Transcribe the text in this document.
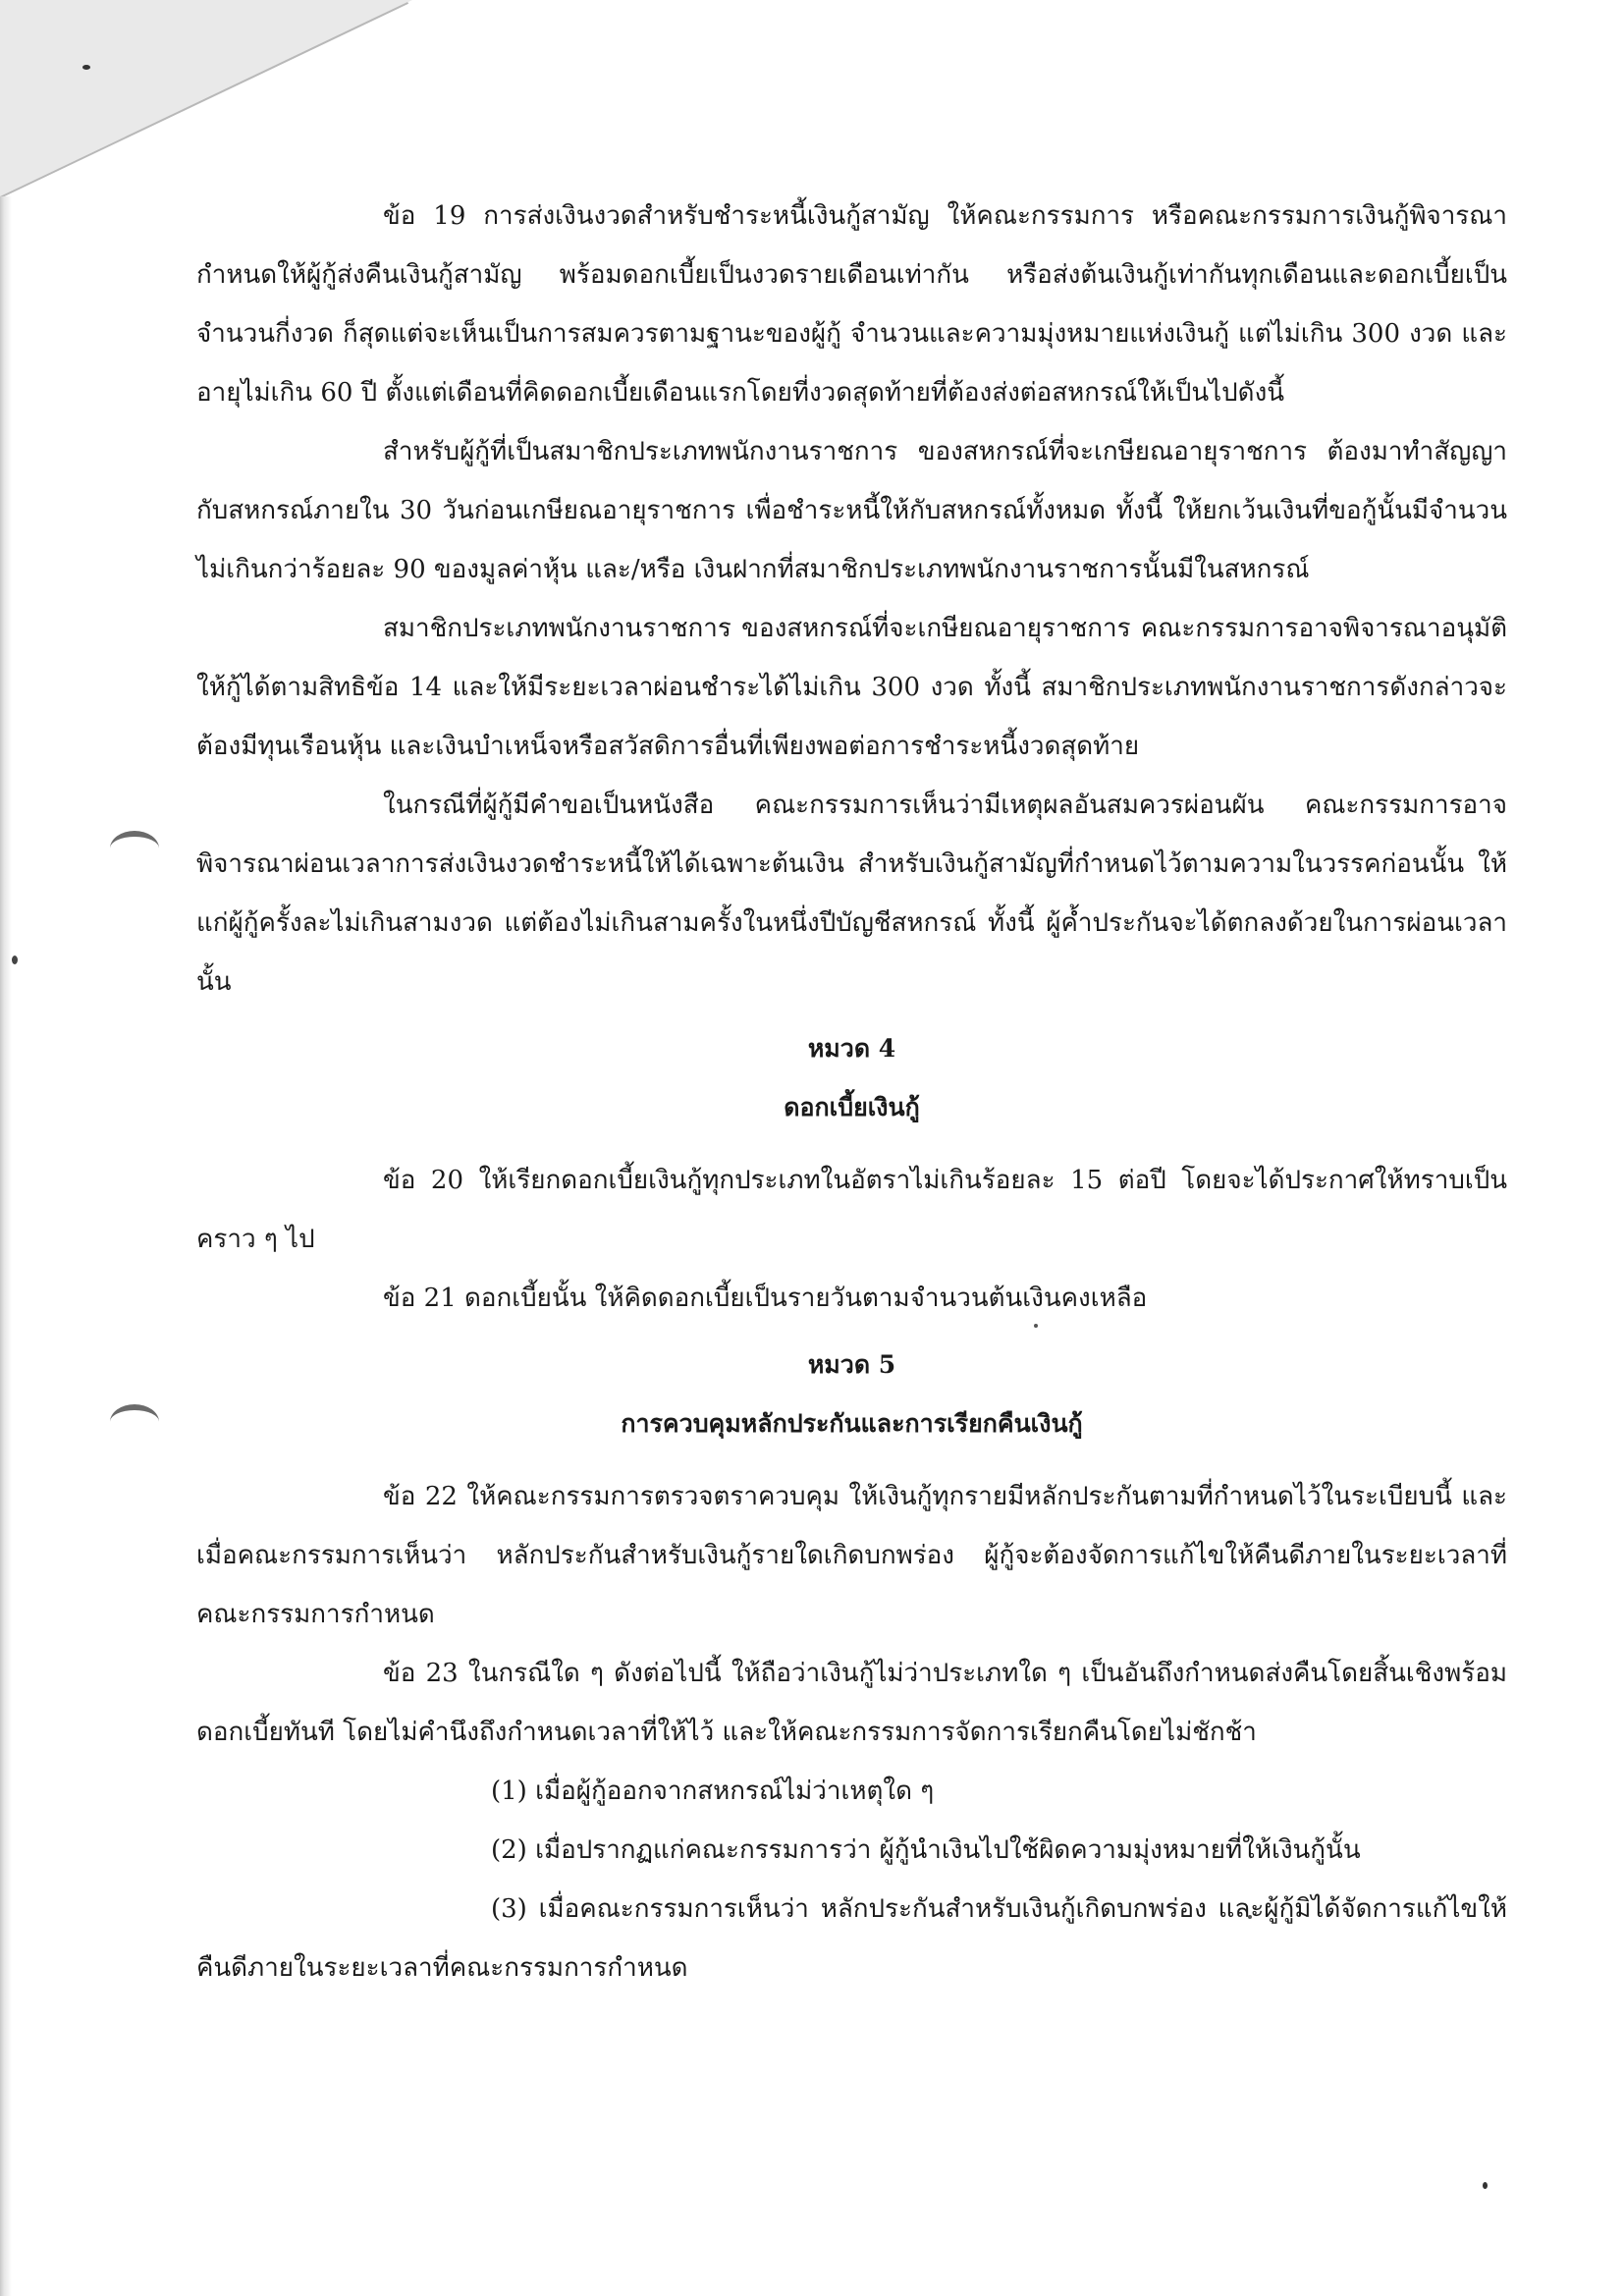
ข้อ 19 การส่งเงินงวดสำหรับชำระหนี้เงินกู้สามัญ ให้คณะกรรมการ หรือคณะกรรมการเงินกู้พิจารณากำหนดให้ผู้กู้ส่งคืนเงินกู้สามัญ พร้อมดอกเบี้ยเป็นงวดรายเดือนเท่ากัน หรือส่งต้นเงินกู้เท่ากันทุกเดือนและดอกเบี้ยเป็นจำนวนกี่งวด ก็สุดแต่จะเห็นเป็นการสมควรตามฐานะของผู้กู้ จำนวนและความมุ่งหมายแห่งเงินกู้ แต่ไม่เกิน 300 งวด และอายุไม่เกิน 60 ปี ตั้งแต่เดือนที่คิดดอกเบี้ยเดือนแรกโดยที่งวดสุดท้ายที่ต้องส่งต่อสหกรณ์ให้เป็นไปดังนี้

สำหรับผู้กู้ที่เป็นสมาชิกประเภทพนักงานราชการ ของสหกรณ์ที่จะเกษียณอายุราชการ ต้องมาทำสัญญากับสหกรณ์ภายใน 30 วันก่อนเกษียณอายุราชการ เพื่อชำระหนี้ให้กับสหกรณ์ทั้งหมด ทั้งนี้ ให้ยกเว้นเงินที่ขอกู้นั้นมีจำนวนไม่เกินกว่าร้อยละ 90 ของมูลค่าหุ้น และ/หรือ เงินฝากที่สมาชิกประเภทพนักงานราชการนั้นมีในสหกรณ์

สมาชิกประเภทพนักงานราชการ ของสหกรณ์ที่จะเกษียณอายุราชการ คณะกรรมการอาจพิจารณาอนุมัติให้กู้ได้ตามสิทธิข้อ 14 และให้มีระยะเวลาผ่อนชำระได้ไม่เกิน 300 งวด ทั้งนี้ สมาชิกประเภทพนักงานราชการดังกล่าวจะต้องมีทุนเรือนหุ้น และเงินบำเหน็จหรือสวัสดิการอื่นที่เพียงพอต่อการชำระหนี้งวดสุดท้าย

ในกรณีที่ผู้กู้มีคำขอเป็นหนังสือ คณะกรรมการเห็นว่ามีเหตุผลอันสมควรผ่อนผัน คณะกรรมการอาจพิจารณาผ่อนเวลาการส่งเงินงวดชำระหนี้ให้ได้เฉพาะต้นเงิน สำหรับเงินกู้สามัญที่กำหนดไว้ตามความในวรรคก่อนนั้น ให้แก่ผู้กู้ครั้งละไม่เกินสามงวด แต่ต้องไม่เกินสามครั้งในหนึ่งปีบัญชีสหกรณ์ ทั้งนี้ ผู้ค้ำประกันจะได้ตกลงด้วยในการผ่อนเวลานั้น

หมวด 4

ดอกเบี้ยเงินกู้

ข้อ 20 ให้เรียกดอกเบี้ยเงินกู้ทุกประเภทในอัตราไม่เกินร้อยละ 15 ต่อปี โดยจะได้ประกาศให้ทราบเป็นคราว ๆ ไป

ข้อ 21 ดอกเบี้ยนั้น ให้คิดดอกเบี้ยเป็นรายวันตามจำนวนต้นเงินคงเหลือ

หมวด 5

การควบคุมหลักประกันและการเรียกคืนเงินกู้

ข้อ 22 ให้คณะกรรมการตรวจตราควบคุม ให้เงินกู้ทุกรายมีหลักประกันตามที่กำหนดไว้ในระเบียบนี้ และเมื่อคณะกรรมการเห็นว่า หลักประกันสำหรับเงินกู้รายใดเกิดบกพร่อง ผู้กู้จะต้องจัดการแก้ไขให้คืนดีภายในระยะเวลาที่คณะกรรมการกำหนด

ข้อ 23 ในกรณีใด ๆ ดังต่อไปนี้ ให้ถือว่าเงินกู้ไม่ว่าประเภทใด ๆ เป็นอันถึงกำหนดส่งคืนโดยสิ้นเชิงพร้อมดอกเบี้ยทันที โดยไม่คำนึงถึงกำหนดเวลาที่ให้ไว้ และให้คณะกรรมการจัดการเรียกคืนโดยไม่ชักช้า

(1) เมื่อผู้กู้ออกจากสหกรณ์ไม่ว่าเหตุใด ๆ

(2) เมื่อปรากฏแก่คณะกรรมการว่า ผู้กู้นำเงินไปใช้ผิดความมุ่งหมายที่ให้เงินกู้นั้น

(3) เมื่อคณะกรรมการเห็นว่า หลักประกันสำหรับเงินกู้เกิดบกพร่อง และผู้กู้มิได้จัดการแก้ไขให้คืนดีภายในระยะเวลาที่คณะกรรมการกำหนด
